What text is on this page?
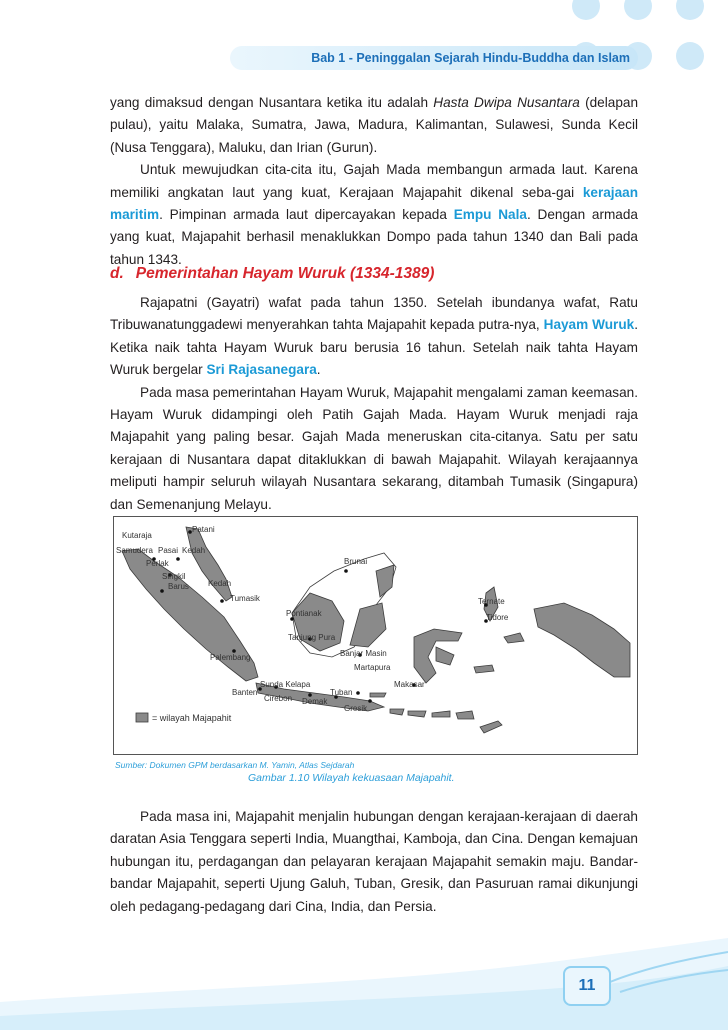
Bab 1 - Peninggalan Sejarah Hindu-Buddha dan Islam

yang dimaksud dengan Nusantara ketika itu adalah Hasta Dwipa Nusantara (delapan pulau), yaitu Malaka, Sumatra, Jawa, Madura, Kalimantan, Sulawesi, Sunda Kecil (Nusa Tenggara), Maluku, dan Irian (Gurun).

Untuk mewujudkan cita-cita itu, Gajah Mada membangun armada laut. Karena memiliki angkatan laut yang kuat, Kerajaan Majapahit dikenal seba-gai kerajaan maritim. Pimpinan armada laut dipercayakan kepada Empu Nala. Dengan armada yang kuat, Majapahit berhasil menaklukkan Dompo pada tahun 1340 dan Bali pada tahun 1343.

d. Pemerintahan Hayam Wuruk (1334-1389)

Rajapatni (Gayatri) wafat pada tahun 1350. Setelah ibundanya wafat, Ratu Tribuwanatunggadewi menyerahkan tahta Majapahit kepada putra-nya, Hayam Wuruk. Ketika naik tahta Hayam Wuruk baru berusia 16 tahun. Setelah naik tahta Hayam Wuruk bergelar Sri Rajasanegara.

Pada masa pemerintahan Hayam Wuruk, Majapahit mengalami zaman keemasan. Hayam Wuruk didampingi oleh Patih Gajah Mada. Hayam Wuruk menjadi raja Majapahit yang paling besar. Gajah Mada meneruskan cita-citanya. Satu per satu kerajaan di Nusantara dapat ditaklukkan di bawah Majapahit. Wilayah kerajaannya meliputi hampir seluruh wilayah Nusantara sekarang, ditambah Tumasik (Singapura) dan Semenanjung Melayu.

Kutaraja
Patani
Samudera Pasai Kedah
Perlak
Singkil
Barus Kedah
Tumasik
Brunai
Pontianak
Tanjung Pura
Ternate
Tidore
Palembang	Banjar Masin
Martapura
Sunda Kelapa
Banten
Cirebon Demak
Tuban
Gresik
Makasar
= wilayah Majapahit
Sumber: Dokumen GPM berdasarkan M. Yamin, Atlas Sejdarah
Gambar 1.10 Wilayah kekuasaan Majapahit.

Pada masa ini, Majapahit menjalin hubungan dengan kerajaan-kerajaan di daerah daratan Asia Tenggara seperti India, Muangthai, Kamboja, dan Cina. Dengan kemajuan hubungan itu, perdagangan dan pelayaran kerajaan Majapahit semakin maju. Bandar-bandar Majapahit, seperti Ujung Galuh, Tuban, Gresik, dan Pasuruan ramai dikunjungi oleh pedagang-pedagang dari Cina, India, dan Persia.

11
